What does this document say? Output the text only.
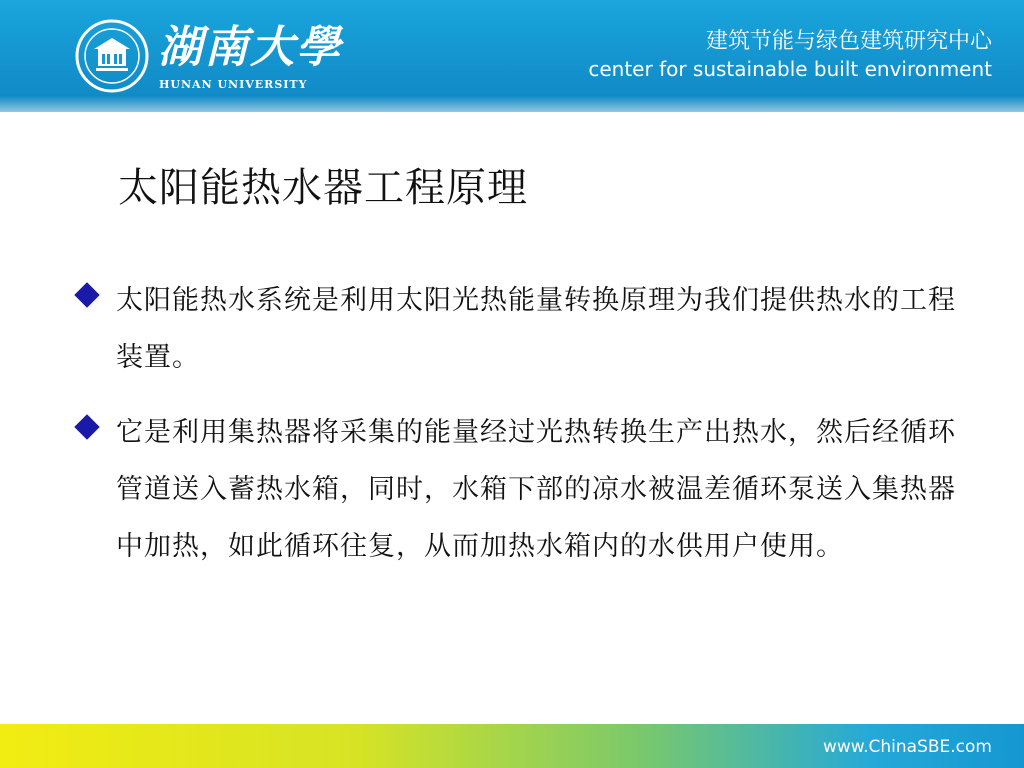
湖南大學
HUNAN UNIVERSITY
建筑节能与绿色建筑研究中心
center for sustainable built environment
太阳能热水器工程原理
太阳能热水系统是利用太阳光热能量转换原理为我们提供热水的工程装置。
它是利用集热器将采集的能量经过光热转换生产出热水，然后经循环管道送入蓄热水箱，同时，水箱下部的凉水被温差循环泵送入集热器中加热，如此循环往复，从而加热水箱内的水供用户使用。
www.ChinaSBE.com
